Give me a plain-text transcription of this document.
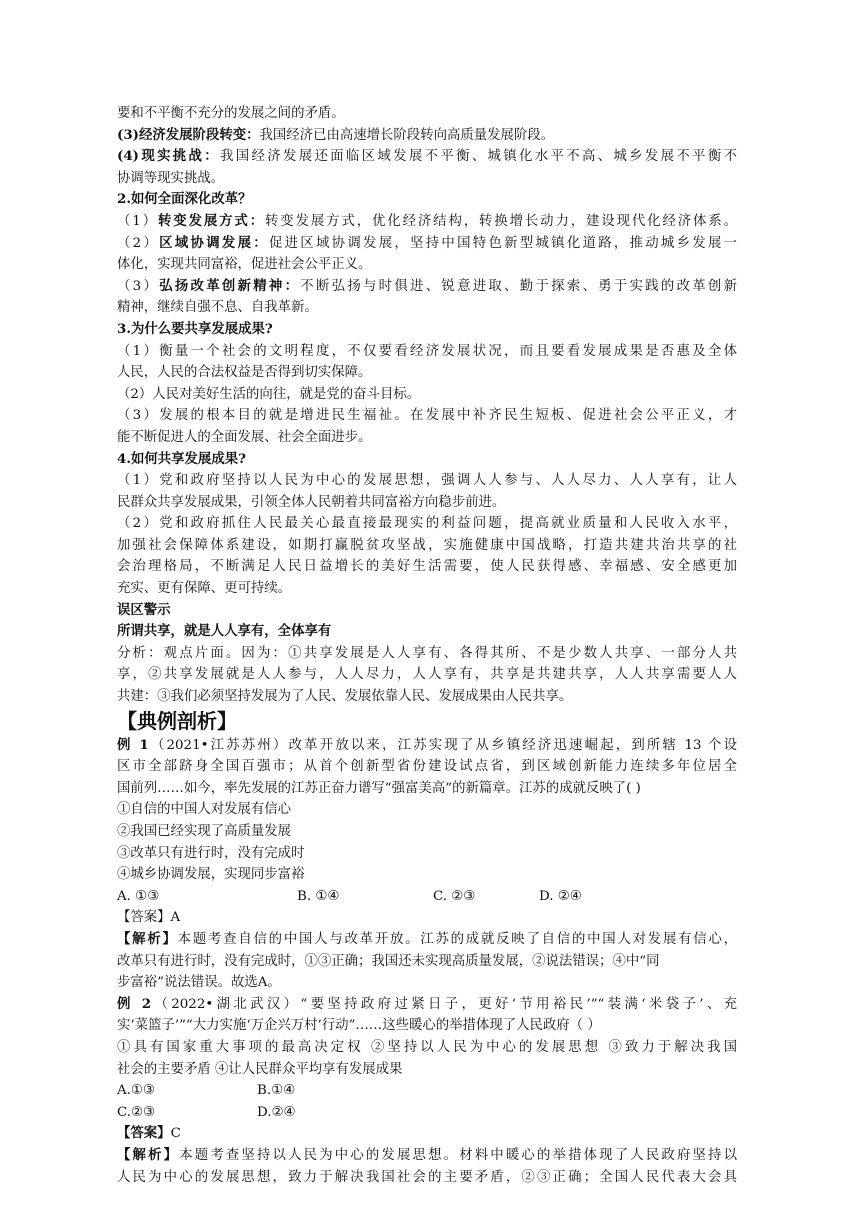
要和不平衡不充分的发展之间的矛盾。
(3)经济发展阶段转变：我国经济已由高速增长阶段转向高质量发展阶段。
(4)现实挑战：我国经济发展还面临区域发展不平衡、城镇化水平不高、城乡发展不平衡不
协调等现实挑战。
2.如何全面深化改革？
（1）转变发展方式：转变发展方式，优化经济结构，转换增长动力，建设现代化经济体系。
（2）区域协调发展：促进区域协调发展，坚持中国特色新型城镇化道路，推动城乡发展一
体化，实现共同富裕，促进社会公平正义。
（3）弘扬改革创新精神：不断弘扬与时俱进、锐意进取、勤于探索、勇于实践的改革创新
精神，继续自强不息、自我革新。
3.为什么要共享发展成果?
（1）衡量一个社会的文明程度，不仅要看经济发展状况，而且要看发展成果是否惠及全体
人民，人民的合法权益是否得到切实保障。
（2）人民对美好生活的向往，就是党的奋斗目标。
（3）发展的根本目的就是增进民生福祉。在发展中补齐民生短板、促进社会公平正义，才
能不断促进人的全面发展、社会全面进步。
4.如何共享发展成果?
（1）党和政府坚持以人民为中心的发展思想，强调人人参与、人人尽力、人人享有，让人
民群众共享发展成果，引领全体人民朝着共同富裕方向稳步前进。
（2）党和政府抓住人民最关心最直接最现实的利益问题，提高就业质量和人民收入水平，
加强社会保障体系建设，如期打赢脱贫攻坚战，实施健康中国战略，打造共建共治共享的社
会治理格局，不断满足人民日益增长的美好生活需要，使人民获得感、幸福感、安全感更加
充实、更有保障、更可持续。
误区警示
所谓共享，就是人人享有，全体享有
分析：观点片面。因为：①共享发展是人人享有、各得其所、不是少数人共享、一部分人共
享，②共享发展就是人人参与，人人尽力，人人享有，共享是共建共享，人人共享需要人人
共建：③我们必须坚持发展为了人民、发展依靠人民、发展成果由人民共享。
【典例剖析】
例 1（2021•江苏苏州）改革开放以来，江苏实现了从乡镇经济迅速崛起，到所辖 13 个设
区市全部跻身全国百强市；从首个创新型省份建设试点省，到区域创新能力连续多年位居全
国前列……如今，率先发展的江苏正奋力谱写“强富美高”的新篇章。江苏的成就反映了( )
①自信的中国人对发展有信心
②我国已经实现了高质量发展
③改革只有进行时，没有完成时
④城乡协调发展，实现同步富裕
A. ①③	B. ①④	C. ②③	D. ②④
【答案】A
【解析】本题考查自信的中国人与改革开放。江苏的成就反映了自信的中国人对发展有信心，
改革只有进行时，没有完成时，①③正确；我国还未实现高质量发展，②说法错误；④中“同
步富裕”说法错误。故选A。
例 2（2022•湖北武汉）“要坚持政府过紧日子，更好‘节用裕民’”“装满‘米袋子’、充
实‘菜篮子’”“大力实施‘万企兴万村’行动”……这些暖心的举措体现了人民政府（ ）
①具有国家重大事项的最高决定权 ②坚持以人民为中心的发展思想 ③致力于解决我国
社会的主要矛盾 ④让人民群众平均享有发展成果
A.①③	B.①④
C.②③	D.②④
【答案】C
【解析】本题考查坚持以人民为中心的发展思想。材料中暖心的举措体现了人民政府坚持以
人民为中心的发展思想，致力于解决我国社会的主要矛盾，②③正确；全国人民代表大会具
